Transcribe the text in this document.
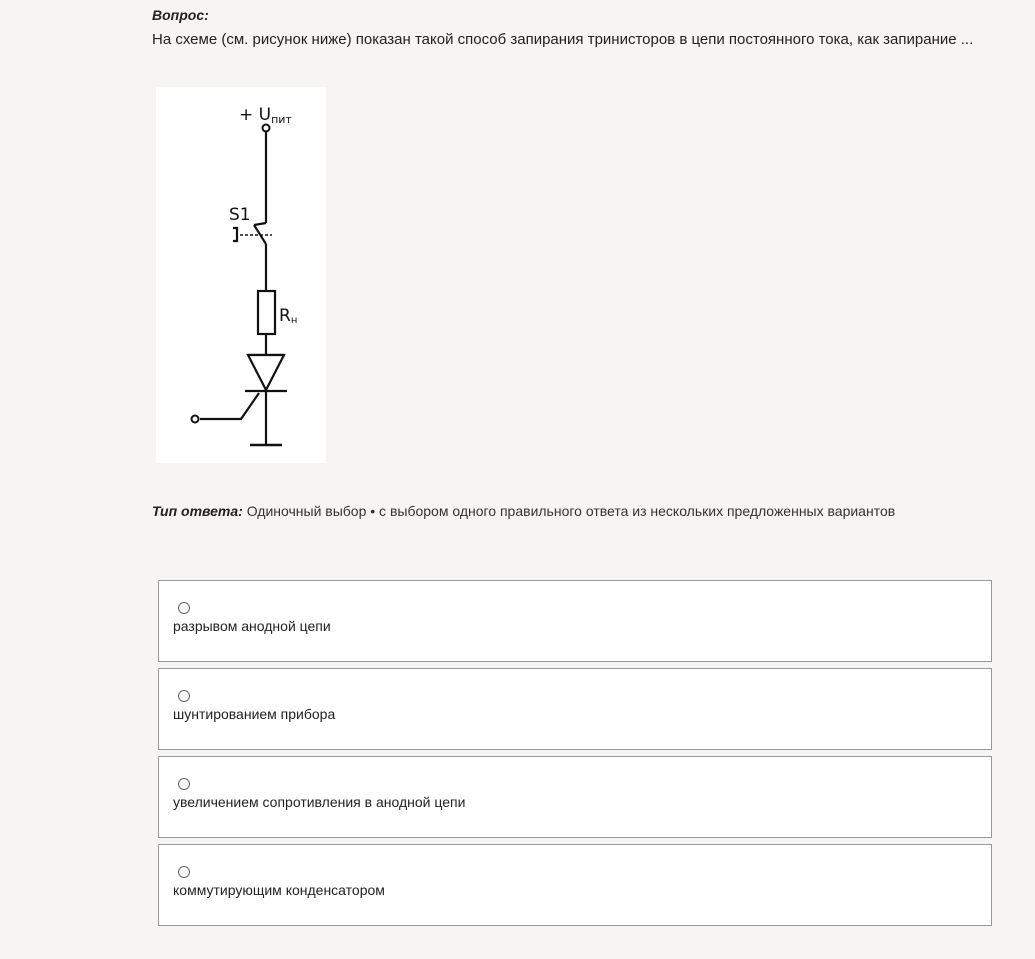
Вопрос:
На схеме (см. рисунок ниже) показан такой способ запирания тринисторов в цепи постоянного тока, как запирание ...
+ Uпит
S1
Rн
Тип ответа: Одиночный выбор • с выбором одного правильного ответа из нескольких предложенных вариантов
разрывом анодной цепи
шунтированием прибора
увеличением сопротивления в анодной цепи
коммутирующим конденсатором
